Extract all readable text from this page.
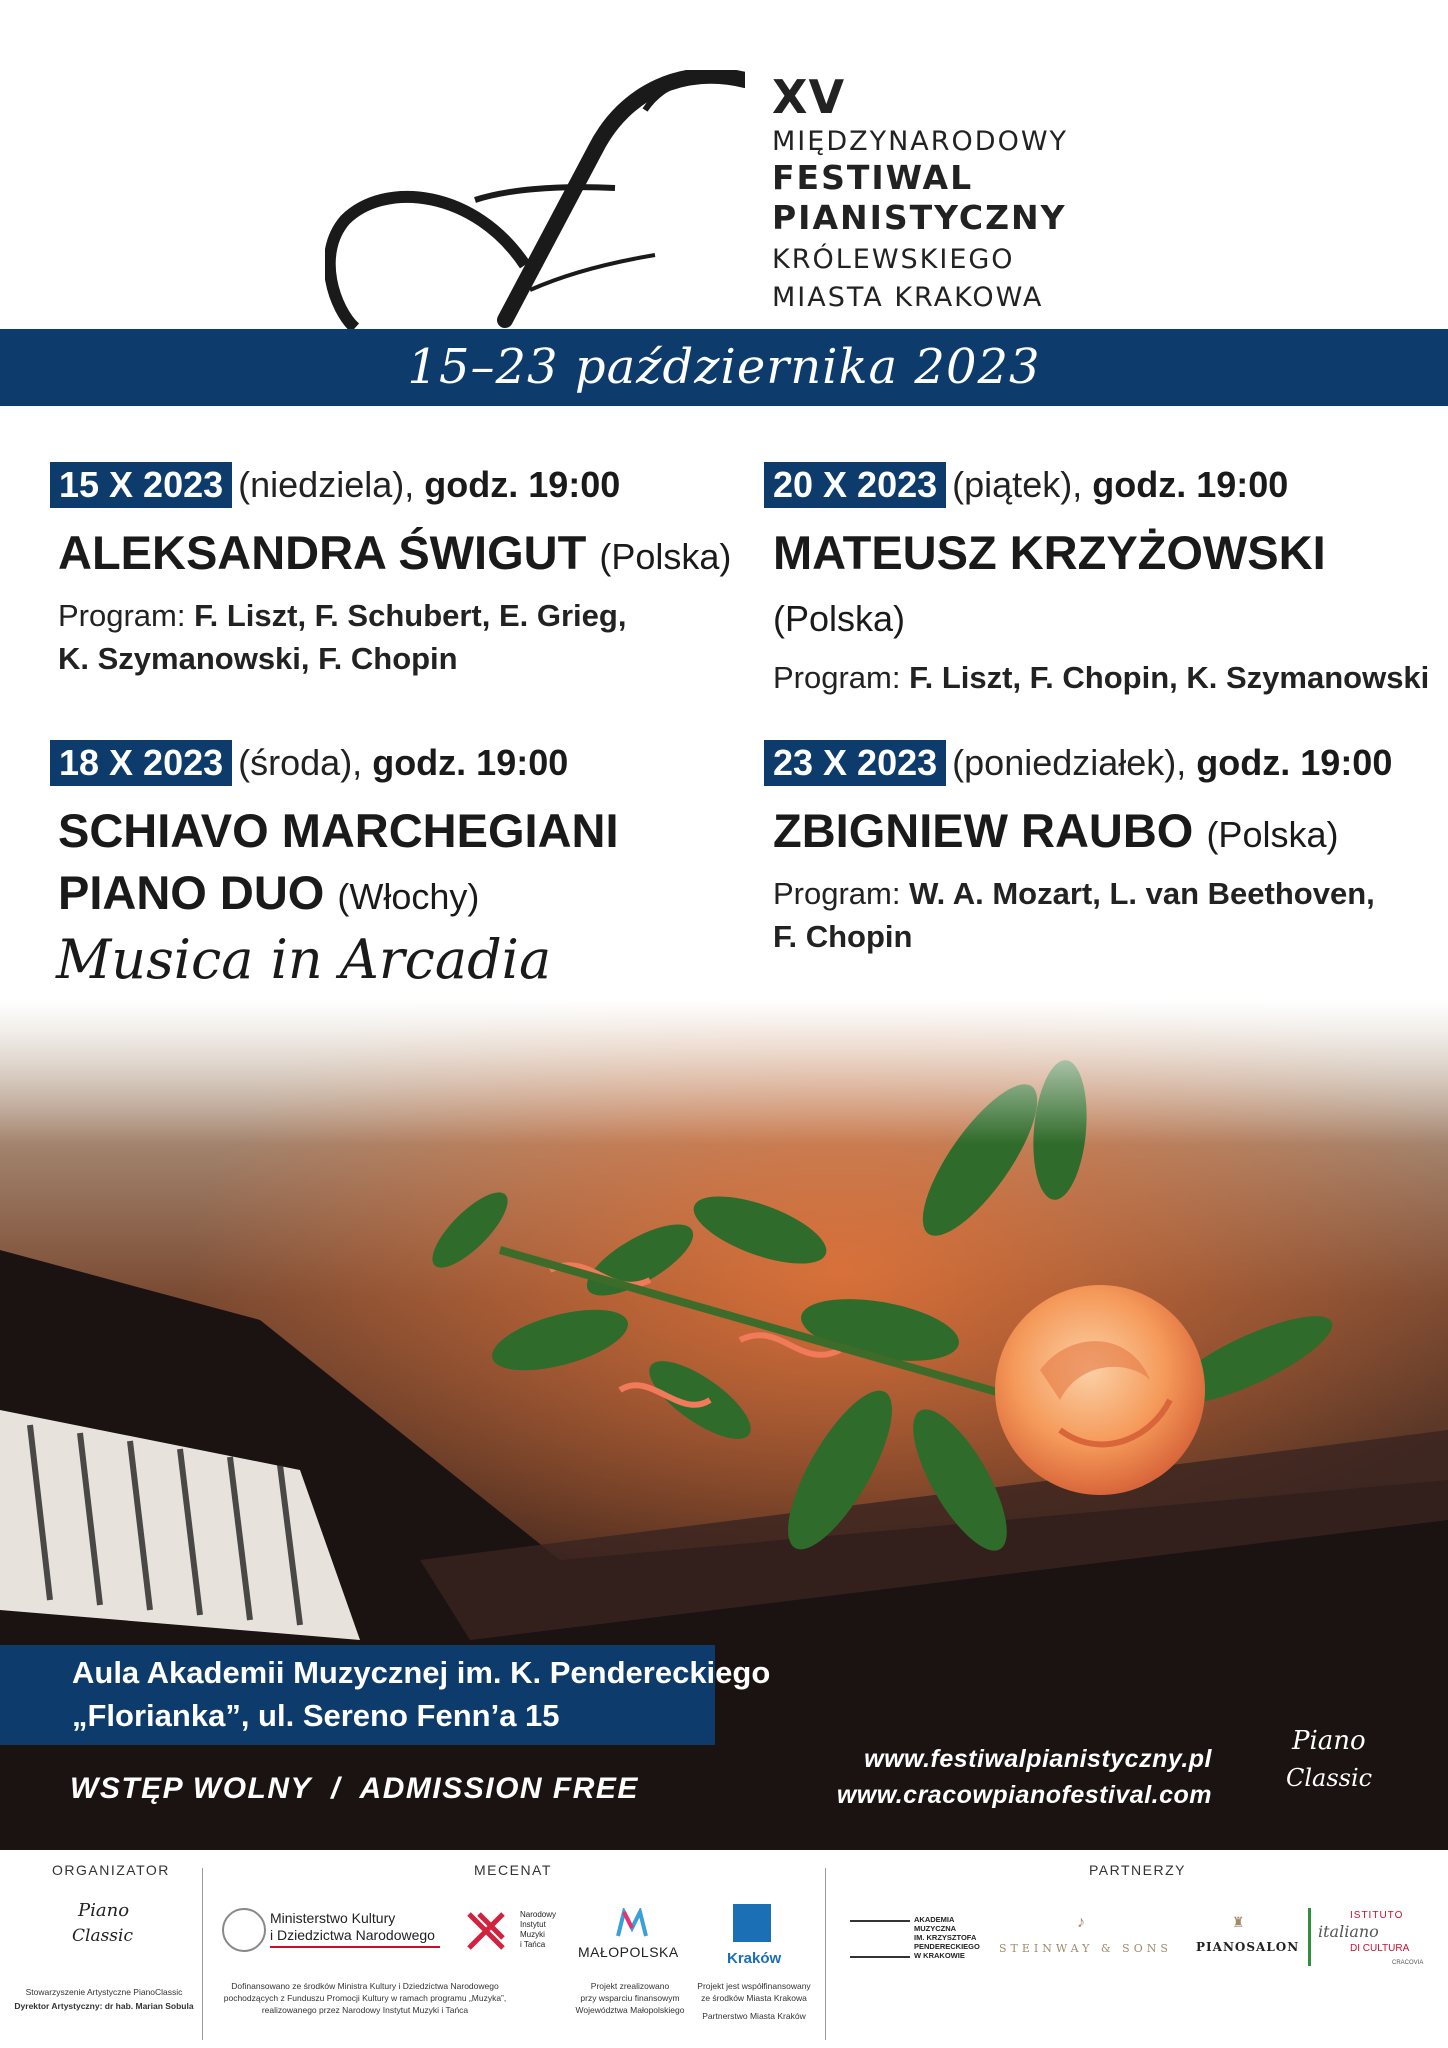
XV
MIĘDZYNARODOWY
FESTIWAL
PIANISTYCZNY
KRÓLEWSKIEGO
MIASTA KRAKOWA
15–23 października 2023
15 X 2023 (niedziela), godz. 19:00
ALEKSANDRA ŚWIGUT (Polska)
Program: F. Liszt, F. Schubert, E. Grieg,
K. Szymanowski, F. Chopin
20 X 2023 (piątek), godz. 19:00
MATEUSZ KRZYŻOWSKI (Polska)
Program: F. Liszt, F. Chopin, K. Szymanowski
18 X 2023 (środa), godz. 19:00
SCHIAVO MARCHEGIANI
PIANO DUO (Włochy)
Musica in Arcadia

23 X 2023 (poniedziałek), godz. 19:00
ZBIGNIEW RAUBO (Polska)
Program: W. A. Mozart, L. van Beethoven,
F. Chopin
Aula Akademii Muzycznej im. K. Pendereckiego
„Florianka”, ul. Sereno Fenn’a 15
WSTĘP WOLNY  /  ADMISSION FREE
www.festiwalpianistyczny.pl
www.cracowpianofestival.com
Piano
Classic
ORGANIZATOR	MECENAT	PARTNERZY
Piano
Classic
Stowarzyszenie Artystyczne PianoClassic
Dyrektor Artystyczny: dr hab. Marian Sobula
Ministerstwo Kultury
i Dziedzictwa Narodowego
Dofinansowano ze środków Ministra Kultury i Dziedzictwa Narodowego
pochodzących z Funduszu Promocji Kultury w ramach programu „Muzyka”,
realizowanego przez Narodowy Instytut Muzyki i Tańca
Narodowy
Instytut
Muzyki
i Tańca	MAŁOPOLSKA
Projekt zrealizowano
przy wsparciu finansowym
Województwa Małopolskiego
Kraków
Projekt jest współfinansowany
ze środków Miasta Krakowa
Partnerstwo Miasta Kraków
AKADEMIA
MUZYCZNA
IM. KRZYSZTOFA
PENDERECKIEGO
W KRAKOWIE
♪
STEINWAY & SONS
♜
PIANOSALON
ISTITUTO
italiano
DI CULTURA
CRACOVIA
